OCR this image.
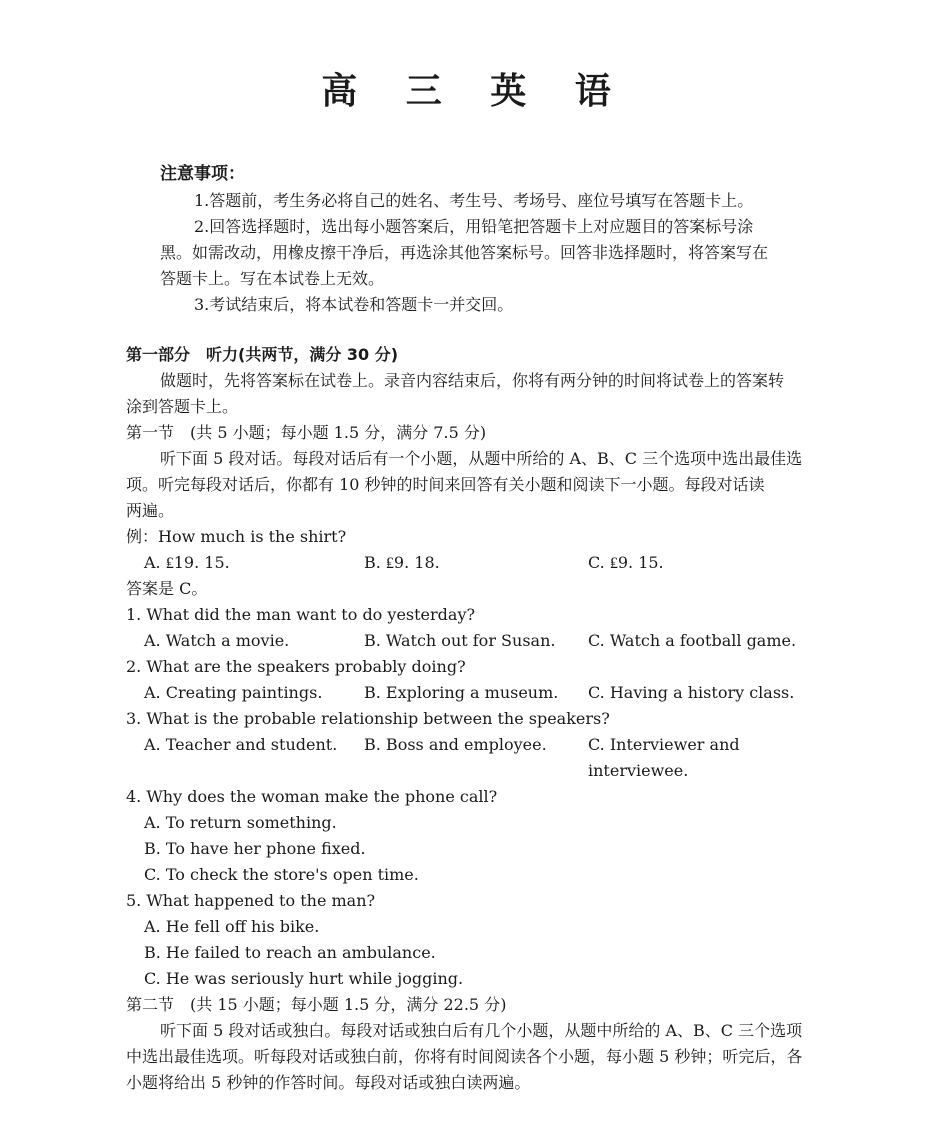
高 三 英 语

注意事项：

1.答题前，考生务必将自己的姓名、考生号、考场号、座位号填写在答题卡上。

2.回答选择题时，选出每小题答案后，用铅笔把答题卡上对应题目的答案标号涂

黑。如需改动，用橡皮擦干净后，再选涂其他答案标号。回答非选择题时，将答案写在

答题卡上。写在本试卷上无效。

3.考试结束后，将本试卷和答题卡一并交回。

第一部分　听力(共两节，满分 30 分)

做题时，先将答案标在试卷上。录音内容结束后，你将有两分钟的时间将试卷上的答案转

涂到答题卡上。

第一节　(共 5 小题；每小题 1.5 分，满分 7.5 分)

听下面 5 段对话。每段对话后有一个小题，从题中所给的 A、B、C 三个选项中选出最佳选

项。听完每段对话后，你都有 10 秒钟的时间来回答有关小题和阅读下一小题。每段对话读

两遍。

例：How much is the shirt?

A. ₤19. 15.	B. ₤9. 18.	C. ₤9. 15.

答案是 C。

1. What did the man want to do yesterday?

A. Watch a movie.	B. Watch out for Susan.	C. Watch a football game.

2. What are the speakers probably doing?

A. Creating paintings.	B. Exploring a museum.	C. Having a history class.

3. What is the probable relationship between the speakers?

A. Teacher and student.	B. Boss and employee.	C. Interviewer and interviewee.

4. Why does the woman make the phone call?

A. To return something.

B. To have her phone fixed.

C. To check the store's open time.

5. What happened to the man?

A. He fell off his bike.

B. He failed to reach an ambulance.

C. He was seriously hurt while jogging.

第二节　(共 15 小题；每小题 1.5 分，满分 22.5 分)

听下面 5 段对话或独白。每段对话或独白后有几个小题，从题中所给的 A、B、C 三个选项

中选出最佳选项。听每段对话或独白前，你将有时间阅读各个小题，每小题 5 秒钟；听完后，各

小题将给出 5 秒钟的作答时间。每段对话或独白读两遍。
